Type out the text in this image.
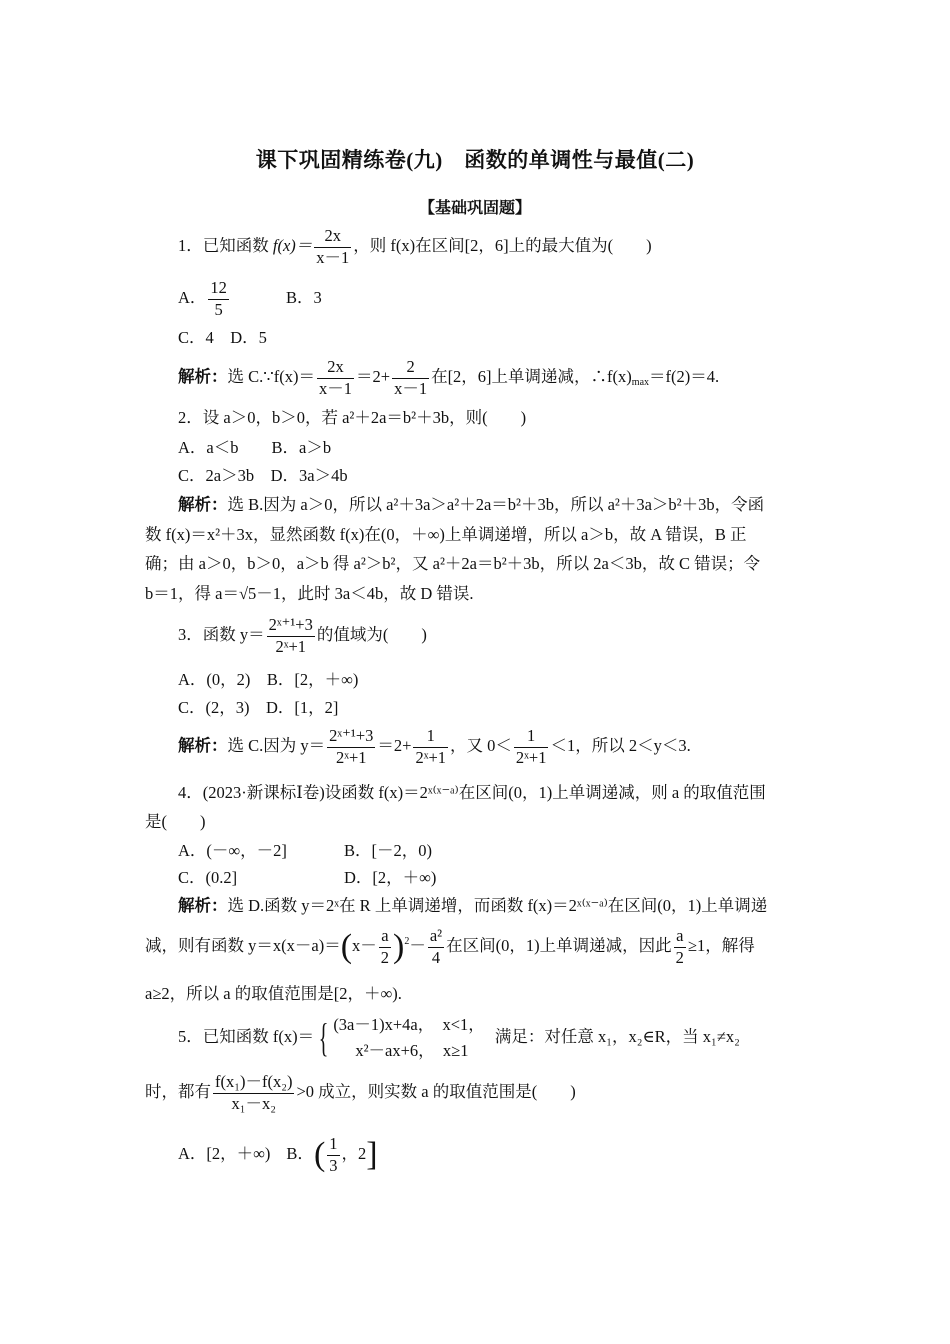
课下巩固精练卷(九)　函数的单调性与最值(二)
【基础巩固题】
1．已知函数 $f(x)= \frac{2x}{x-1}$ ，则 f(x)在区间[2，6]上的最大值为(　　)
A． $\frac{12}{5}$	B．3
C．4　D．5
解析：选 C.∵f(x)＝ $\frac{2x}{x-1} =2+ \frac{2}{x-1}$ 在[2，6]上单调递减，$\therefore f(x)_{max}=f(2)=4$.
2．设 a＞0，b＞0，若 a²＋2a＝b²＋3b，则(　　)
A．a＜b　　B．a＞b
C．2a＞3b　D．3a＞4b
解析：选 B.因为 a＞0，所以 a²＋3a＞a²＋2a＝b²＋3b，所以 a²＋3a＞b²＋3b，令函
数 f(x)＝x²＋3x，显然函数 f(x)在(0，＋∞)上单调递增，所以 a＞b，故 A 错误，B 正
确；由 a＞0，b＞0，a＞b 得 a²＞b²，又 a²＋2a＝b²＋3b，所以 2a＜3b，故 C 错误；令
b＝1，得 a＝√5－1，此时 3a＜4b，故 D 错误.
3．函数 $y= \frac{\text{2ˣ⁺¹+3}}{\text{2ˣ+1}}$ 的值域为(　　)
A．(0，2)　B．[2，＋∞)
C．(2，3)　D．[1，2]
解析：选 C.因为 $y= \frac{\text{2ˣ⁺¹+3}}{\text{2ˣ+1}} =2+ \frac{1}{\text{2ˣ+1}}$ ，又 $0< \frac{1}{\text{2ˣ+1}} <1$，所以 2＜y＜3.
4．(2023·新课标Ⅰ卷)设函数 f(x)＝2ˣ⁽ˣ⁻ᵃ⁾在区间(0，1)上单调递减，则 a 的取值范围
是(　　)
A．(－∞，－2]	B．[－2，0)
C．(0.2]	D．[2，＋∞)
解析：选 D.函数 y＝2ˣ在 R 上单调递增，而函数 f(x)＝2ˣ⁽ˣ⁻ᵃ⁾在区间(0，1)上单调递
减，则有函数 $y=x(x-a)=(x- \frac{a}{2} )^2- \frac{\text{a²}}{4}$ 在区间(0，1)上单调递减，因此 $\frac{a}{2} \ge 1$，解得
a≥2，所以 a 的取值范围是[2，＋∞).
5．已知函数 f(x)＝ { (3a－1)x+4a， x<1，
x²－ax+6， x≥1
满足：对任意 x₁，x₂∈R，当 x₁≠x₂
时，都有 $\frac{\text{f(x₁)－f(x₂)}}{\text{x₁－x₂}} >0$ 成立，则实数 a 的取值范围是(　　)
A．[2，＋∞) B．( $\frac{1}{3}$ ，2]
